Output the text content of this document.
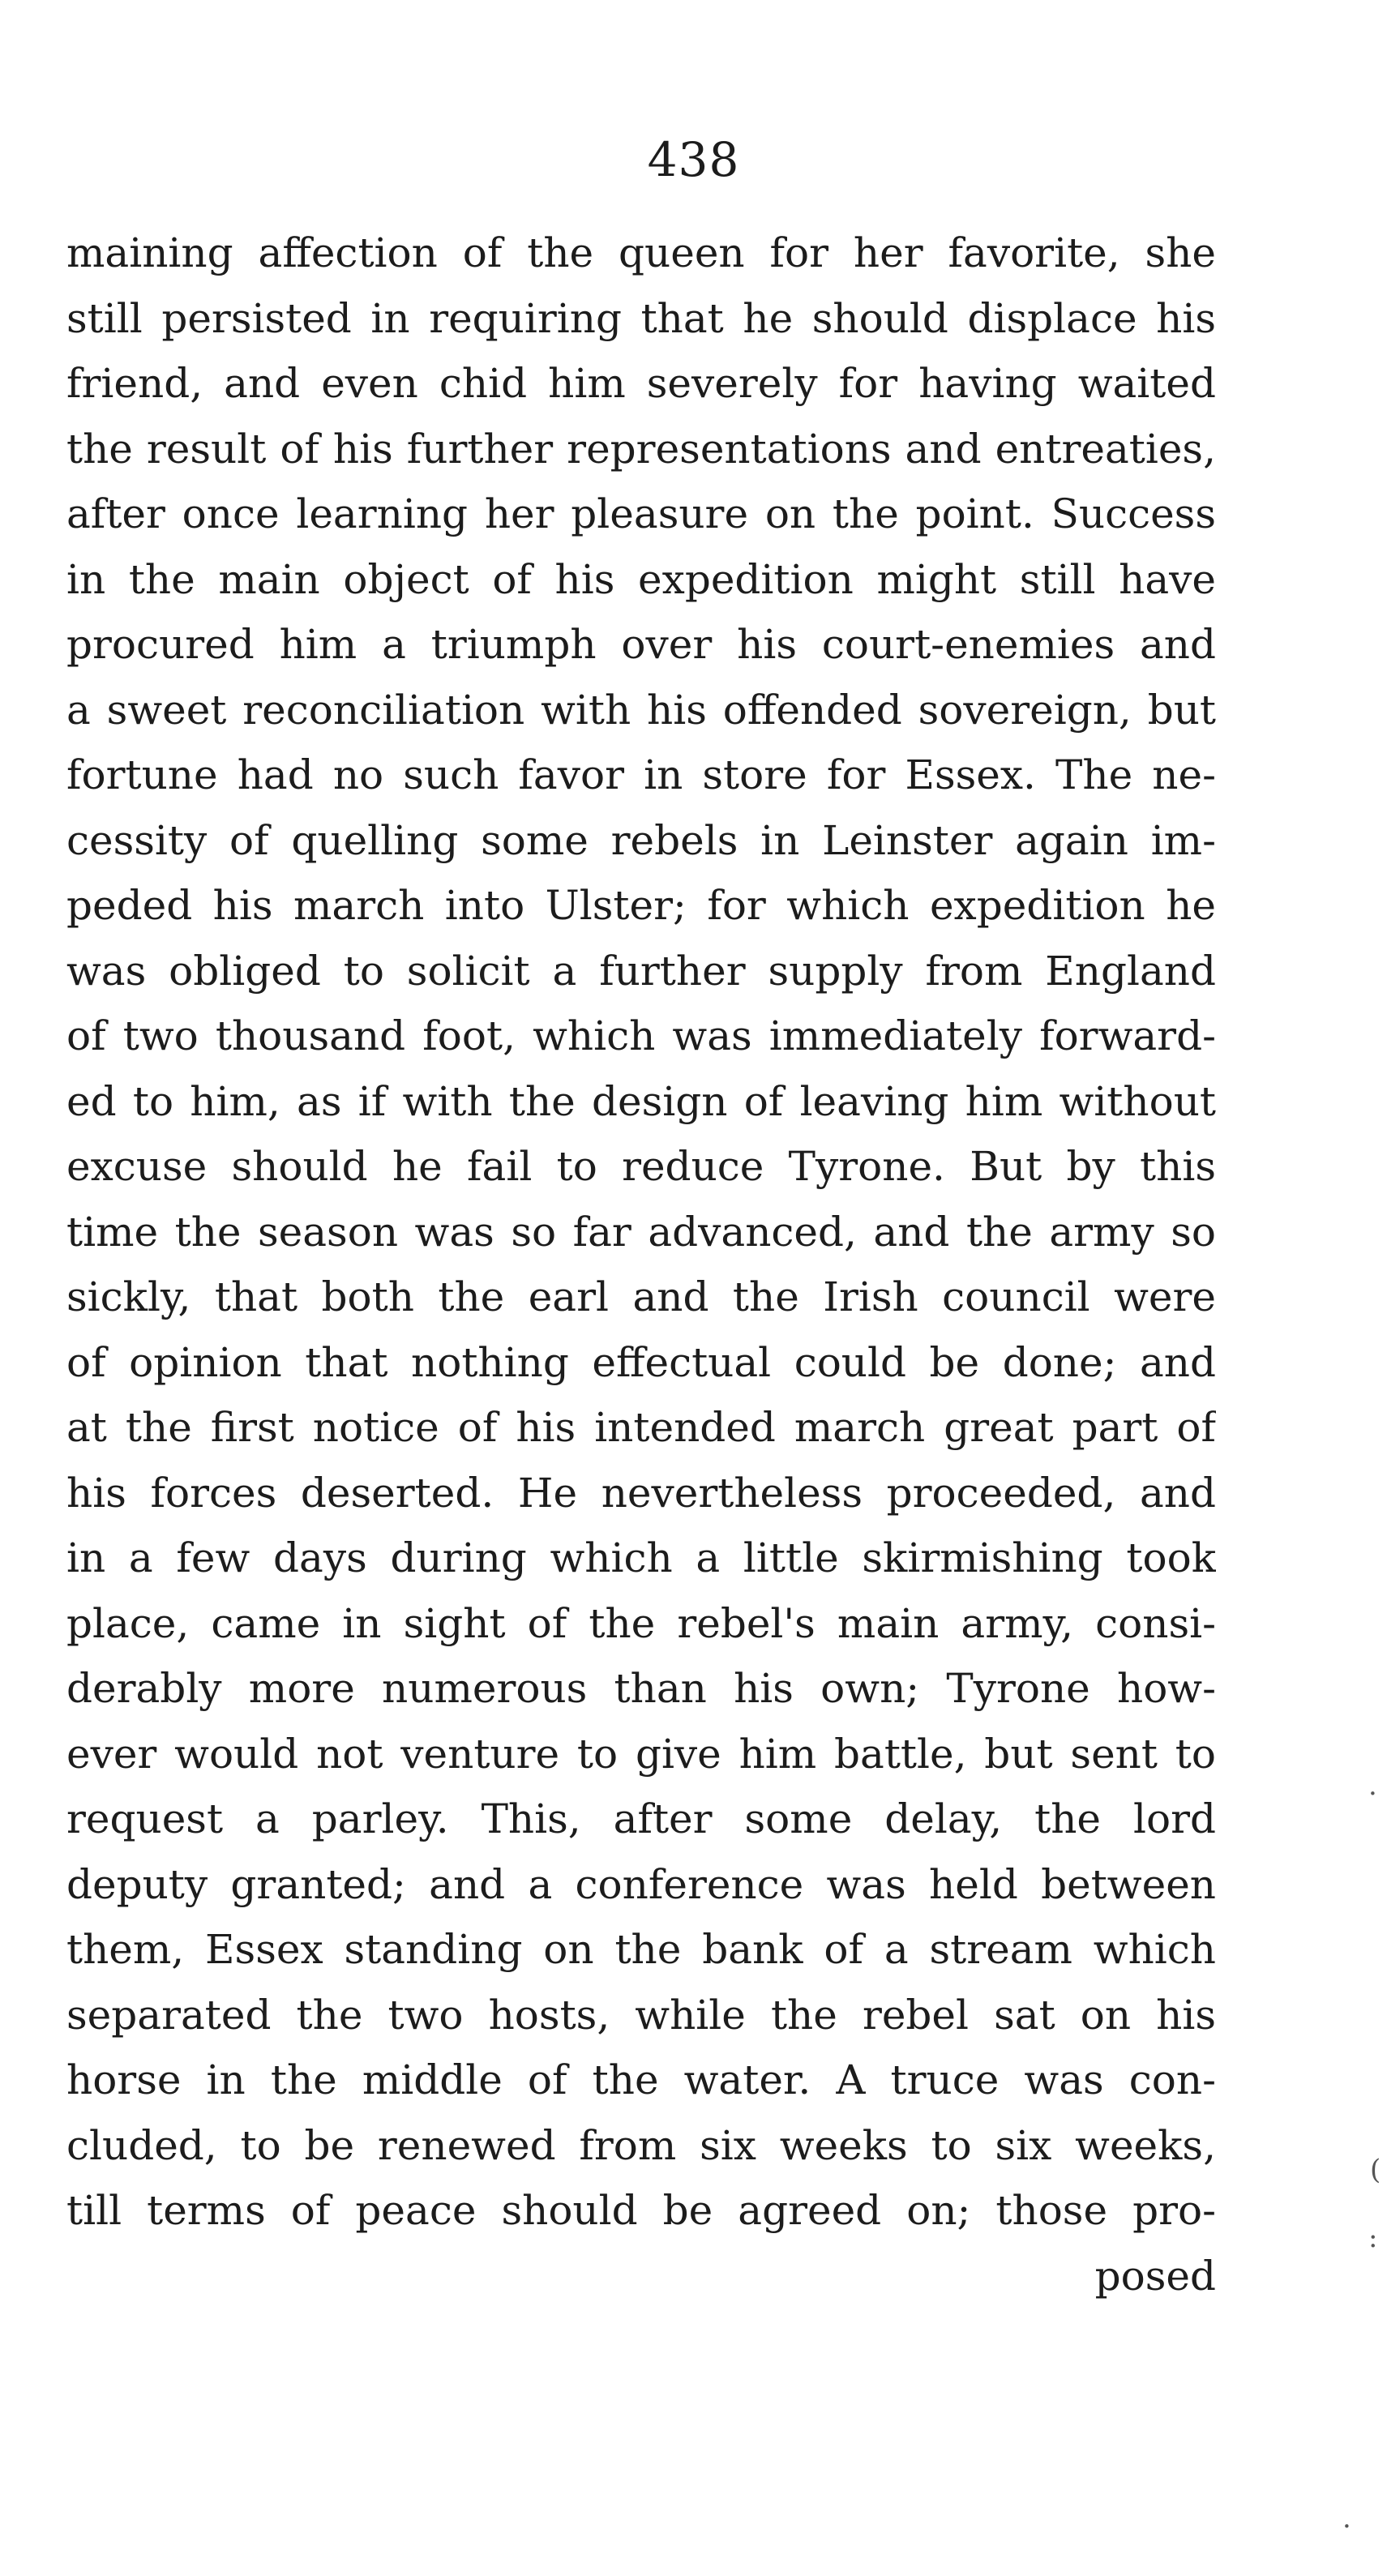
438
maining affection of the queen for her favorite, she
still persisted in requiring that he should displace his
friend, and even chid him severely for having waited
the result of his further representations and entreaties,
after once learning her pleasure on the point. Success
in the main object of his expedition might still have
procured him a triumph over his court-enemies and
a sweet reconciliation with his offended sovereign, but
fortune had no such favor in store for Essex. The ne-
cessity of quelling some rebels in Leinster again im-
peded his march into Ulster; for which expedition he
was obliged to solicit a further supply from England
of two thousand foot, which was immediately forward-
ed to him, as if with the design of leaving him without
excuse should he fail to reduce Tyrone. But by this
time the season was so far advanced, and the army so
sickly, that both the earl and the Irish council were
of opinion that nothing effectual could be done; and
at the first notice of his intended march great part of
his forces deserted. He nevertheless proceeded, and
in a few days during which a little skirmishing took
place, came in sight of the rebel's main army, consi-
derably more numerous than his own; Tyrone how-
ever would not venture to give him battle, but sent to
request a parley. This, after some delay, the lord
deputy granted; and a conference was held between
them, Essex standing on the bank of a stream which
separated the two hosts, while the rebel sat on his
horse in the middle of the water. A truce was con-
cluded, to be renewed from six weeks to six weeks,
till terms of peace should be agreed on; those pro-
posed
·
(
:
·
